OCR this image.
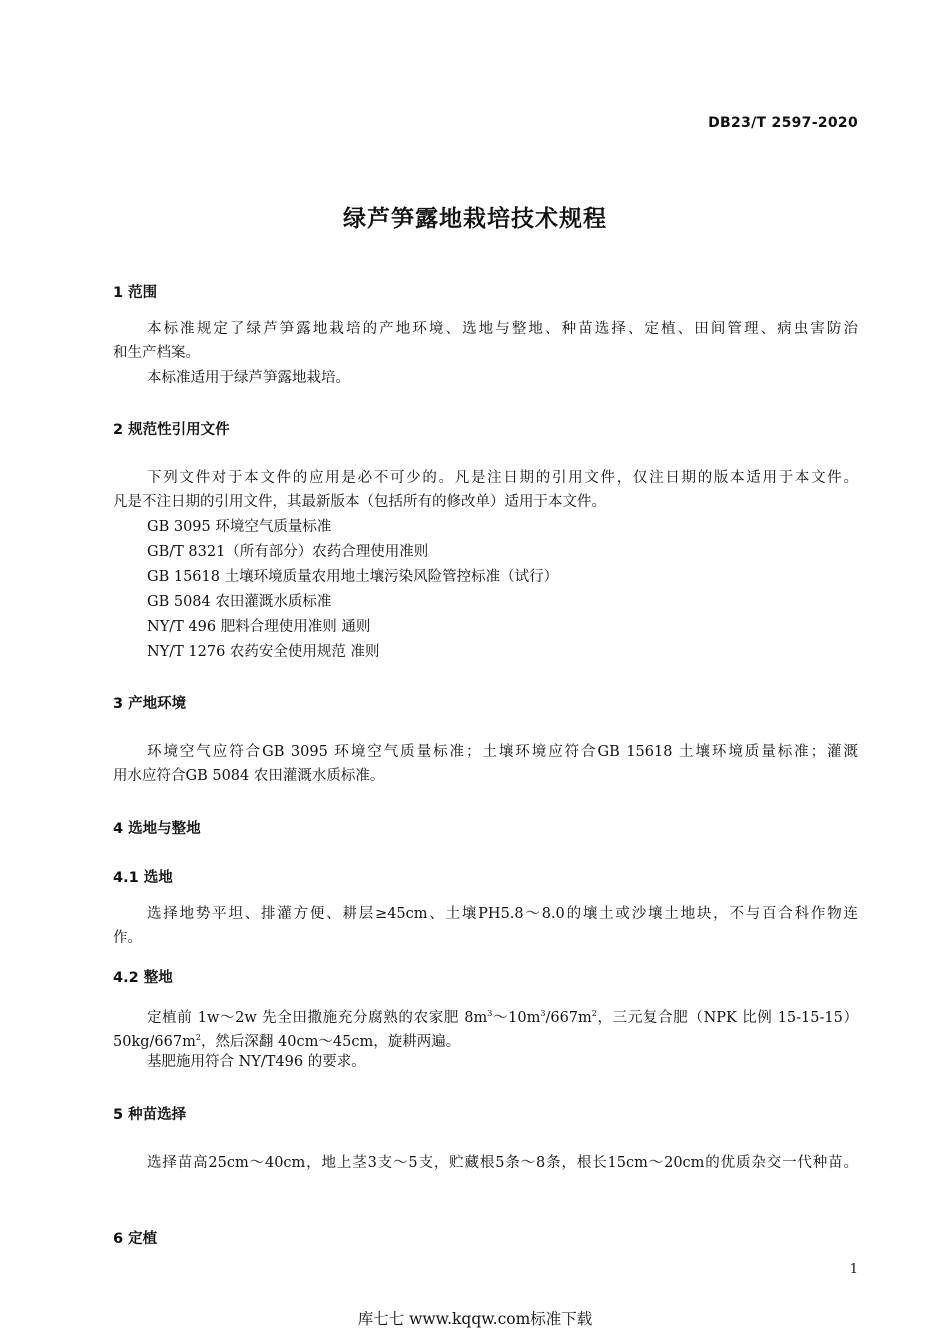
DB23/T 2597-2020
绿芦笋露地栽培技术规程
1 范围
本标准规定了绿芦笋露地栽培的产地环境、选地与整地、种苗选择、定植、田间管理、病虫害防治
和生产档案。
本标准适用于绿芦笋露地栽培。
2 规范性引用文件
下列文件对于本文件的应用是必不可少的。凡是注日期的引用文件，仅注日期的版本适用于本文件。
凡是不注日期的引用文件，其最新版本（包括所有的修改单）适用于本文件。
GB 3095 环境空气质量标准
GB/T 8321（所有部分）农药合理使用准则
GB 15618 土壤环境质量农用地土壤污染风险管控标准（试行）
GB 5084 农田灌溉水质标准
NY/T 496 肥料合理使用准则 通则
NY/T 1276 农药安全使用规范 准则
3 产地环境
环境空气应符合GB 3095 环境空气质量标准；土壤环境应符合GB 15618 土壤环境质量标准；灌溉
用水应符合GB 5084 农田灌溉水质标准。
4 选地与整地
4.1 选地
选择地势平坦、排灌方便、耕层≥45cm、土壤PH5.8～8.0的壤土或沙壤土地块，不与百合科作物连
作。
4.2 整地
定植前 1w～2w 先全田撒施充分腐熟的农家肥 $8m^3\sim 10m^3/667m^2$，三元复合肥（NPK 比例 15-15-15）
$50kg/667m^2$，然后深翻 40cm～45cm，旋耕两遍。
基肥施用符合 NY/T496 的要求。
5 种苗选择
选择苗高25cm～40cm，地上茎3支～5支，贮藏根5条～8条，根长15cm～20cm的优质杂交一代种苗。
6 定植
1
库七七 www.kqqw.com标准下载
